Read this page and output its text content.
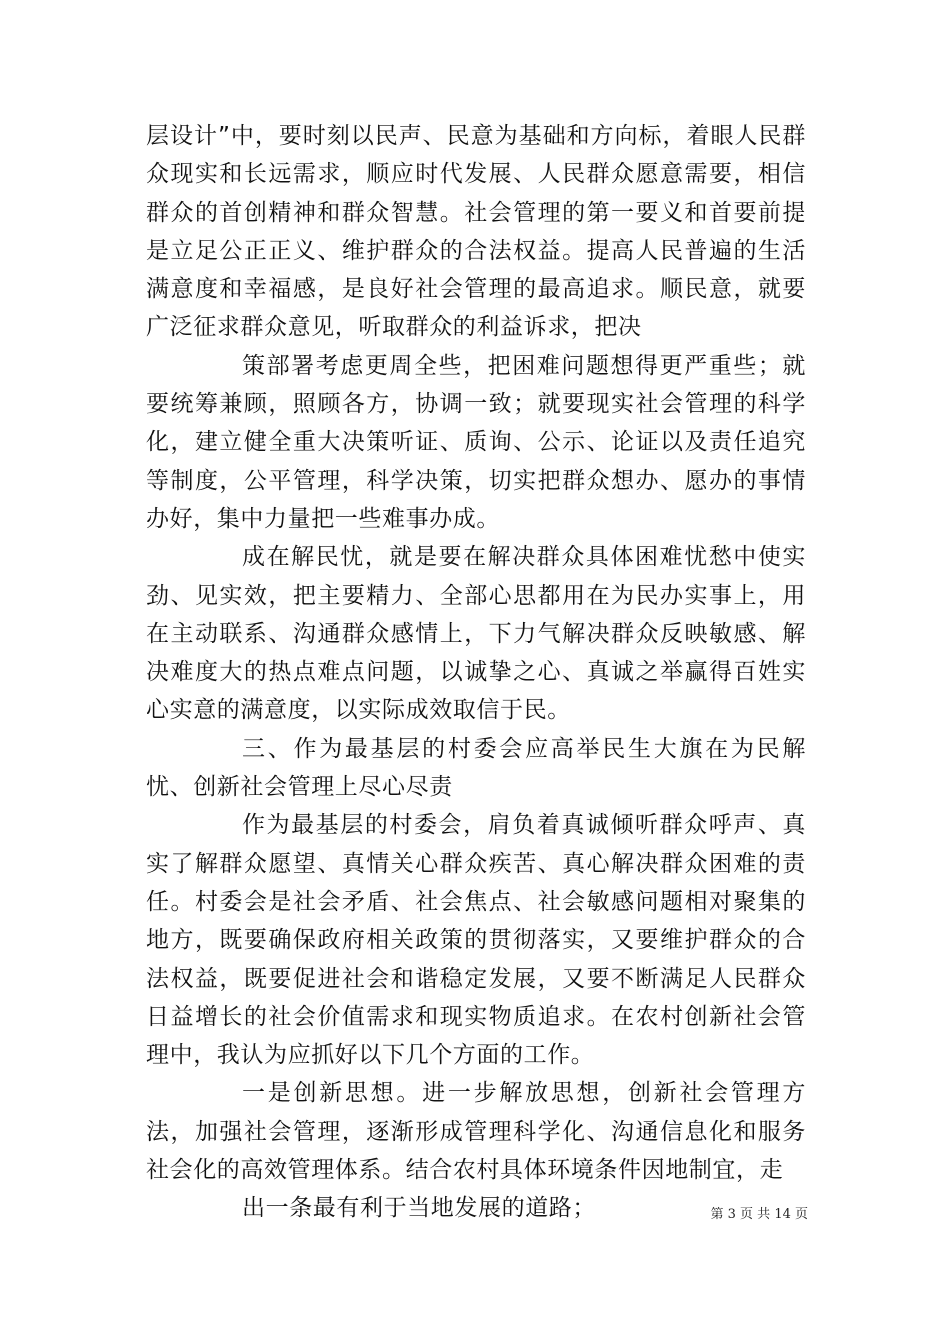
层设计”中，要时刻以民声、民意为基础和方向标，着眼人民群众现实和长远需求，顺应时代发展、人民群众愿意需要，相信群众的首创精神和群众智慧。社会管理的第一要义和首要前提是立足公正正义、维护群众的合法权益。提高人民普遍的生活满意度和幸福感，是良好社会管理的最高追求。顺民意，就要广泛征求群众意见，听取群众的利益诉求，把决

策部署考虑更周全些，把困难问题想得更严重些；就要统筹兼顾，照顾各方，协调一致；就要现实社会管理的科学化，建立健全重大决策听证、质询、公示、论证以及责任追究等制度，公平管理，科学决策，切实把群众想办、愿办的事情办好，集中力量把一些难事办成。

成在解民忧，就是要在解决群众具体困难忧愁中使实劲、见实效，把主要精力、全部心思都用在为民办实事上，用在主动联系、沟通群众感情上，下力气解决群众反映敏感、解决难度大的热点难点问题，以诚挚之心、真诚之举赢得百姓实心实意的满意度，以实际成效取信于民。

三、作为最基层的村委会应高举民生大旗在为民解忧、创新社会管理上尽心尽责

作为最基层的村委会，肩负着真诚倾听群众呼声、真实了解群众愿望、真情关心群众疾苦、真心解决群众困难的责任。村委会是社会矛盾、社会焦点、社会敏感问题相对聚集的地方，既要确保政府相关政策的贯彻落实，又要维护群众的合法权益，既要促进社会和谐稳定发展，又要不断满足人民群众日益增长的社会价值需求和现实物质追求。在农村创新社会管理中，我认为应抓好以下几个方面的工作。

一是创新思想。进一步解放思想，创新社会管理方法，加强社会管理，逐渐形成管理科学化、沟通信息化和服务社会化的高效管理体系。结合农村具体环境条件因地制宜，走

出一条最有利于当地发展的道路；	第 3 页 共 14 页
